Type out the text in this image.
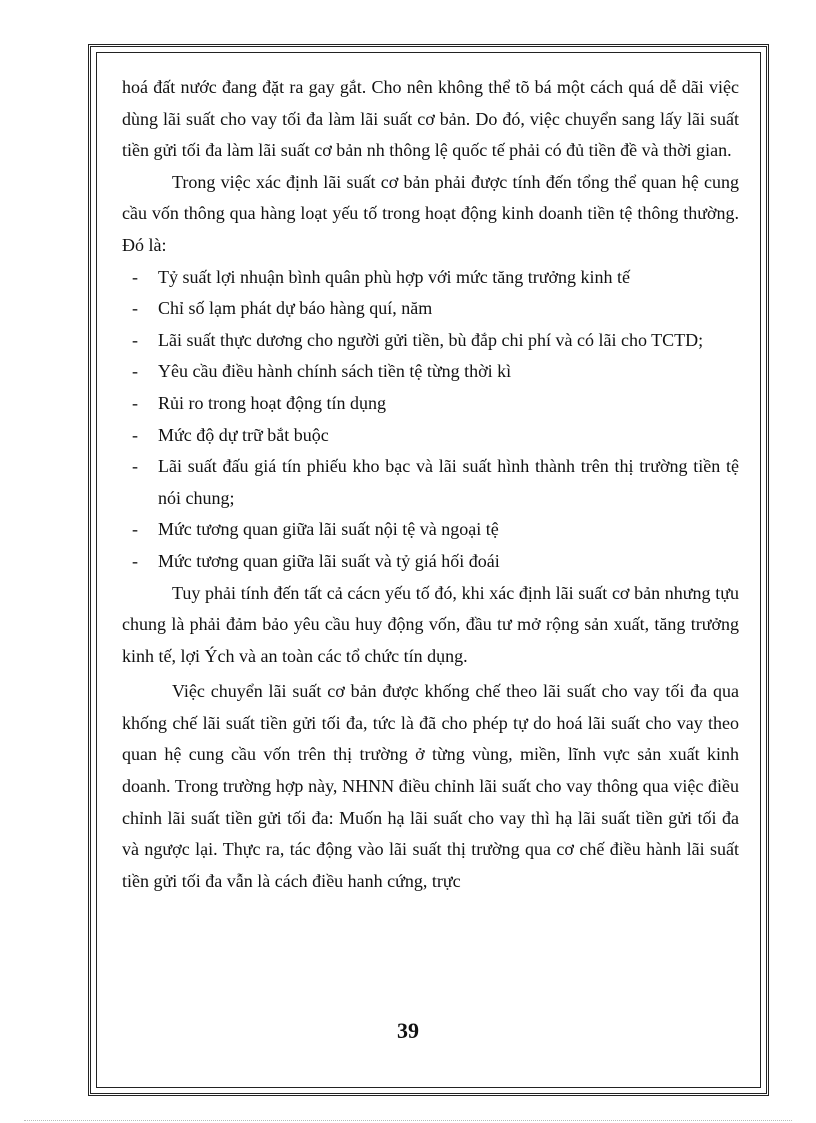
hoá đất nước đang đặt ra gay gắt. Cho nên không thể tõ bá một cách quá dễ dãi việc dùng lãi suất cho vay tối đa làm lãi suất cơ bản. Do đó, việc chuyển sang lấy lãi suất tiền gửi tối đa làm lãi suất cơ bản nh thông lệ quốc tế phải có đủ tiền đề và thời gian.

Trong việc xác định lãi suất cơ bản phải được tính đến tổng thể quan hệ cung cầu vốn thông qua hàng loạt yếu tố trong hoạt động kinh doanh tiền tệ thông thường. Đó là:

- Tỷ suất lợi nhuận bình quân phù hợp với mức tăng trưởng kinh tế
- Chỉ số lạm phát dự báo hàng quí, năm
- Lãi suất thực dương cho người gửi tiền, bù đắp chi phí và có lãi cho TCTD;
- Yêu cầu điều hành chính sách tiền tệ từng thời kì
- Rủi ro trong hoạt động tín dụng
- Mức độ dự trữ bắt buộc
- Lãi suất đấu giá tín phiếu kho bạc và lãi suất hình thành trên thị trường tiền tệ nói chung;
- Mức tương quan giữa lãi suất nội tệ và ngoại tệ
- Mức tương quan giữa lãi suất và tỷ giá hối đoái

Tuy phải tính đến tất cả cácn yếu tố đó, khi xác định lãi suất cơ bản nhưng tựu chung là phải đảm bảo yêu cầu huy động vốn, đầu tư mở rộng sản xuất, tăng trưởng kinh tế, lợi Ých và an toàn các tổ chức tín dụng.

Việc chuyển lãi suất cơ bản được khống chế theo lãi suất cho vay tối đa qua khống chế lãi suất tiền gửi tối đa, tức là đã cho phép tự do hoá lãi suất cho vay theo quan hệ cung cầu vốn trên thị trường ở từng vùng, miền, lĩnh vực sản xuất kinh doanh. Trong trường hợp này, NHNN điều chỉnh lãi suất cho vay thông qua việc điều chỉnh lãi suất tiền gửi tối đa: Muốn hạ lãi suất cho vay thì hạ lãi suất tiền gửi tối đa và ngược lại. Thực ra, tác động vào lãi suất thị trường qua cơ chế điều hành lãi suất tiền gửi tối đa vẫn là cách điều hanh cứng, trực

39
